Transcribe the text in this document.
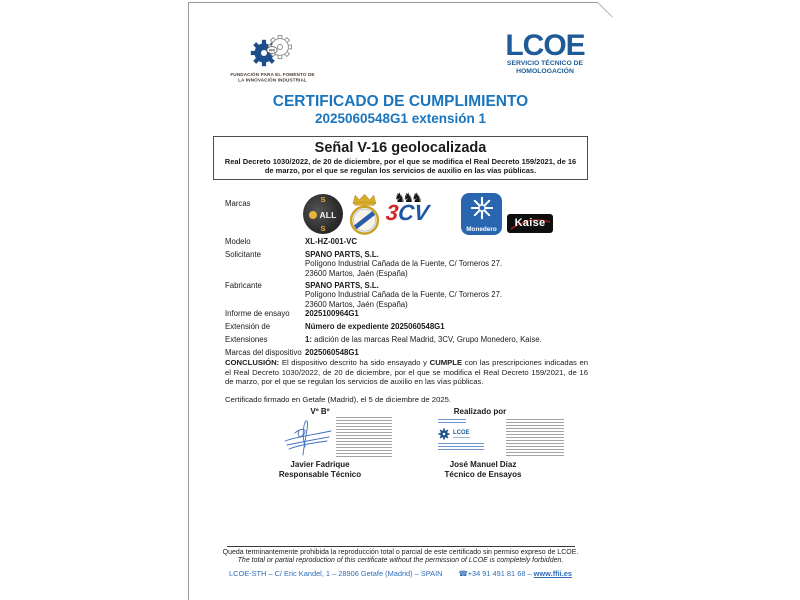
FFII
FUNDACIÓN PARA EL FOMENTO DE
LA INNOVACIÓN INDUSTRIAL
LCOE
SERVICIO TÉCNICO DE
HOMOLOGACIÓN
CERTIFICADO DE CUMPLIMIENTO
2025060548G1 extensión 1
Señal V-16 geolocalizada
Real Decreto 1030/2022, de 20 de diciembre, por el que se modifica el Real Decreto 159/2021, de 16 de marzo, por el que se regulan los servicios de auxilio en las vías públicas.
Marcas	S
ALL
S
♞♞♞
3CV
Monedero	Kaise
Modelo	XL-HZ-001-VC
Solicitante	SPANO PARTS, S.L.
Polígono Industrial Cañada de la Fuente, C/ Torneros 27.
23600 Martos, Jaén (España)
Fabricante	SPANO PARTS, S.L.
Polígono Industrial Cañada de la Fuente, C/ Torneros 27.
23600 Martos, Jaén (España)
Informe de ensayo 2025100964G1
Extensión de	Número de expediente 2025060548G1
Extensiones	1: adición de las marcas Real Madrid, 3CV, Grupo Monedero, Kaise.
Marcas del dispositivo 2025060548G1
CONCLUSIÓN: El dispositivo descrito ha sido ensayado y CUMPLE con las prescripciones indicadas en el Real Decreto 1030/2022, de 20 de diciembre, por el que se modifica el Real Decreto 159/2021, de 16 de marzo, por el que se regulan los servicios de auxilio en las vías públicas.
Certificado firmado en Getafe (Madrid), el 5 de diciembre de 2025.
Vº Bº	Realizado por
LCOE
Javier Fadrique
Responsable Técnico
José Manuel Díaz
Técnico de Ensayos
Queda terminantemente prohibida la reproducción total o parcial de este certificado sin permiso expreso de LCOE.
The total or partial reproduction of this certificate without the permission of LCOE is completely forbidden.
LCOE-STH – C/ Eric Kandel, 1 – 28906 Getafe (Madrid) – SPAIN ☎+34 91 491 81 68 – www.ffii.es
